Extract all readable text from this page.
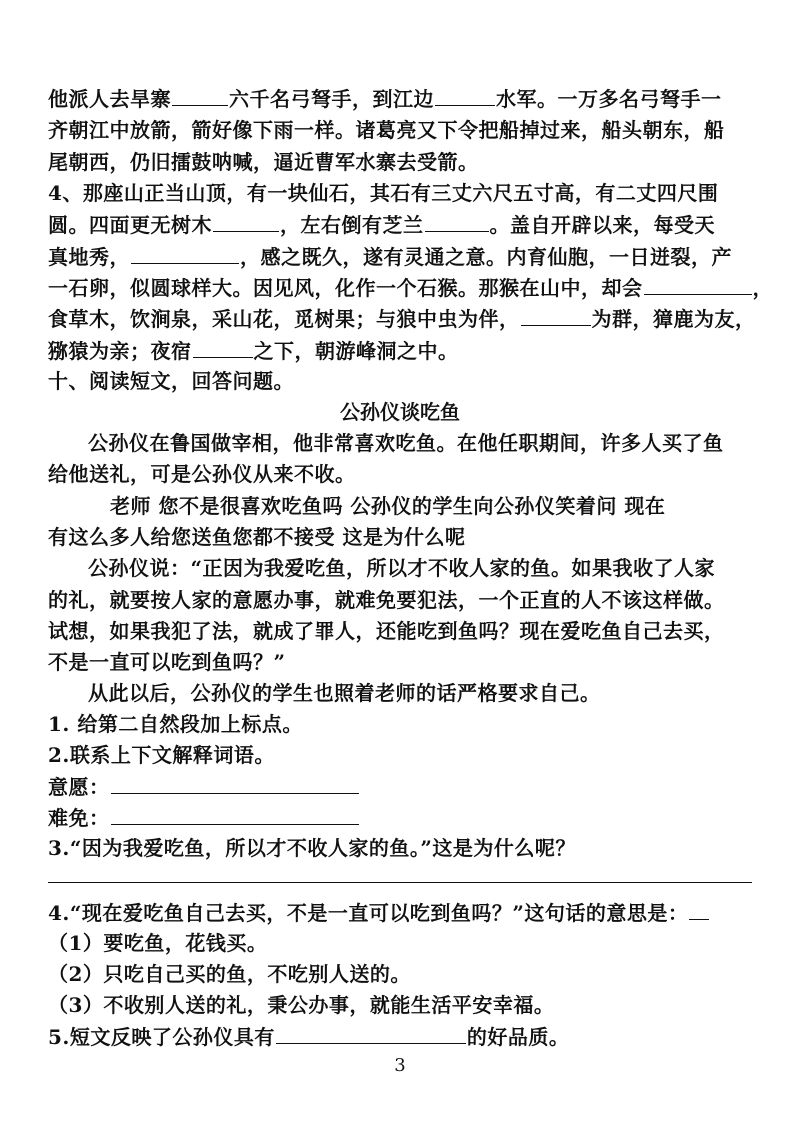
他派人去旱寨	六千名弓弩手，到江边	水军。一万多名弓弩手一
齐朝江中放箭，箭好像下雨一样。诸葛亮又下令把船掉过来，船头朝东，船
尾朝西，仍旧擂鼓呐喊，逼近曹军水寨去受箭。
4、那座山正当山顶，有一块仙石，其石有三丈六尺五寸高，有二丈四尺围
圆。四面更无树木	，左右倒有芝兰	。盖自开辟以来，每受天
真地秀，	，感之既久，遂有灵通之意。内育仙胞，一日迸裂，产
一石卵，似圆球样大。因见风，化作一个石猴。那猴在山中，却会	，
食草木，饮涧泉，采山花，觅树果；与狼中虫为伴，	为群，獐鹿为友，
猕猿为亲；夜宿	之下，朝游峰洞之中。
十、阅读短文，回答问题。
公孙仪谈吃鱼
公孙仪在鲁国做宰相，他非常喜欢吃鱼。在他任职期间，许多人买了鱼
给他送礼，可是公孙仪从来不收。
老师 您不是很喜欢吃鱼吗 公孙仪的学生向公孙仪笑着问 现在
有这么多人给您送鱼您都不接受 这是为什么呢
公孙仪说：“正因为我爱吃鱼，所以才不收人家的鱼。如果我收了人家
的礼，就要按人家的意愿办事，就难免要犯法，一个正直的人不该这样做。
试想，如果我犯了法，就成了罪人，还能吃到鱼吗？现在爱吃鱼自己去买，
不是一直可以吃到鱼吗？”
从此以后，公孙仪的学生也照着老师的话严格要求自己。
1. 给第二自然段加上标点。
2.联系上下文解释词语。
意愿：
难免：
3.“因为我爱吃鱼，所以才不收人家的鱼。”这是为什么呢？
4.“现在爱吃鱼自己去买，不是一直可以吃到鱼吗？”这句话的意思是：
（1）要吃鱼，花钱买。
（2）只吃自己买的鱼，不吃别人送的。
（3）不收别人送的礼，秉公办事，就能生活平安幸福。
5.短文反映了公孙仪具有	的好品质。
3
